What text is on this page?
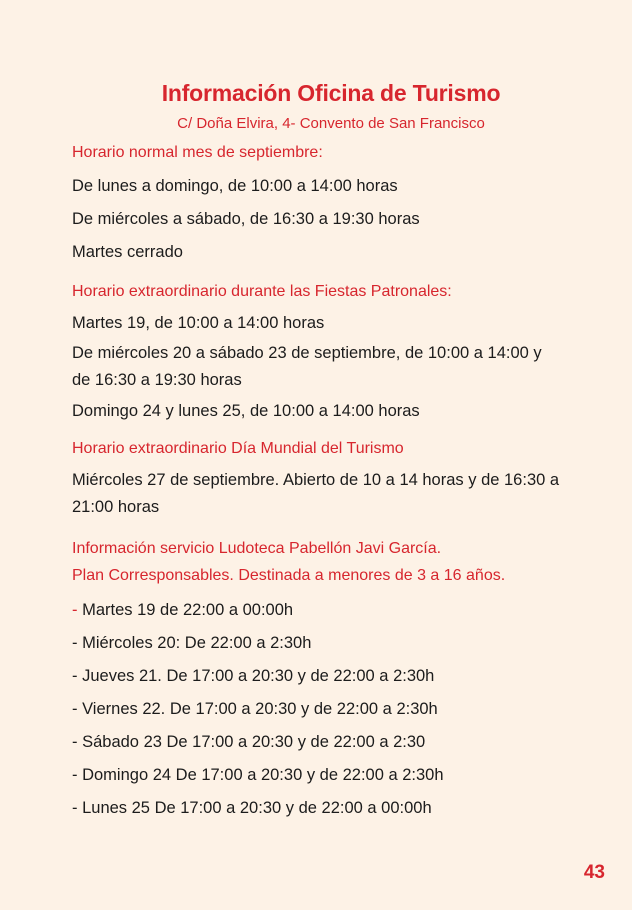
Información Oficina de Turismo

C/ Doña Elvira, 4- Convento de San Francisco

Horario normal mes de septiembre:

De lunes a domingo, de 10:00 a 14:00 horas

De miércoles a sábado, de 16:30 a 19:30 horas

Martes cerrado

Horario extraordinario durante las Fiestas Patronales:

Martes 19, de 10:00 a 14:00 horas

De miércoles 20 a sábado 23 de septiembre, de 10:00 a 14:00 y de 16:30 a 19:30 horas

Domingo 24 y lunes 25, de 10:00 a 14:00 horas

Horario extraordinario Día Mundial del Turismo

Miércoles 27 de septiembre. Abierto de 10 a 14 horas y de 16:30 a 21:00 horas

Información servicio Ludoteca Pabellón Javi García.

Plan Corresponsables. Destinada a menores de 3 a 16 años.

- Martes 19 de 22:00 a 00:00h

- Miércoles 20: De 22:00 a 2:30h

- Jueves 21. De 17:00 a 20:30 y de 22:00 a 2:30h

- Viernes 22. De 17:00 a 20:30 y de 22:00 a 2:30h

- Sábado 23 De 17:00 a 20:30 y de 22:00 a 2:30

- Domingo 24 De 17:00 a 20:30 y de 22:00 a 2:30h

- Lunes 25 De 17:00 a 20:30 y de 22:00 a 00:00h

43
